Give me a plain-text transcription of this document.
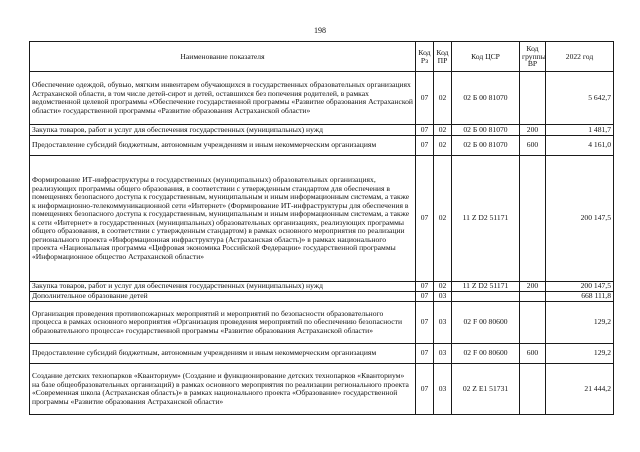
198
Наименование показателя	Код Рз	Код ПР	Код ЦСР	Код группы ВР	2022 год
Обеспечение одеждой, обувью, мягким инвентарем обучающихся в государственных образовательных организациях Астраханской области, в том числе детей-сирот и детей, оставшихся без попечения родителей, в рамках ведомственной целевой программы «Обеспечение государственной программы «Развитие образования Астраханской области» государственной программы «Развитие образования Астраханской области»	07	02	02 Б 00 81070		5 642,7
Закупка товаров, работ и услуг для обеспечения государственных (муниципальных) нужд	07	02	02 Б 00 81070	200	1 481,7
Предоставление субсидий бюджетным, автономным учреждениям и иным некоммерческим организациям	07	02	02 Б 00 81070	600	4 161,0
Формирование ИТ-инфраструктуры в государственных (муниципальных) образовательных организациях, реализующих программы общего образования, в соответствии с утвержденным стандартом для обеспечения в помещениях безопасного доступа к государственным, муниципальным и иным информационным системам, а также к информационно-телекоммуникационной сети «Интернет» (Формирование ИТ-инфраструктуры для обеспечения в помещениях безопасного доступа к государственным, муниципальным и иным информационным системам, а также к сети «Интернет» в государственных (муниципальных) образовательных организациях, реализующих программы общего образования, в соответствии с утвержденным стандартом) в рамках основного мероприятия по реализации регионального проекта «Информационная инфраструктура (Астраханская область)» в рамках национального проекта «Национальная программа «Цифровая экономика Российской Федерации» государственной программы «Информационное общество Астраханской области»	07	02	11 Z D2 51171		200 147,5
Закупка товаров, работ и услуг для обеспечения государственных (муниципальных) нужд	07	02	11 Z D2 51171	200	200 147,5
Дополнительное образование детей	07	03			668 111,8
Организация проведения противопожарных мероприятий и мероприятий по безопасности образовательного процесса в рамках основного мероприятия «Организация проведения мероприятий по обеспечению безопасности образовательного процесса» государственной программы «Развитие образования Астраханской области»	07	03	02 F 00 80600		129,2
Предоставление субсидий бюджетным, автономным учреждениям и иным некоммерческим организациям	07	03	02 F 00 80600	600	129,2
Создание детских технопарков «Кванториум» (Создание и функционирование детских технопарков «Кванториум» на базе общеобразовательных организаций) в рамках основного мероприятия по реализации регионального проекта «Современная школа (Астраханская область)» в рамках национального проекта «Образование» государственной программы «Развитие образования Астраханской области»	07	03	02 Z E1 51731		21 444,2
